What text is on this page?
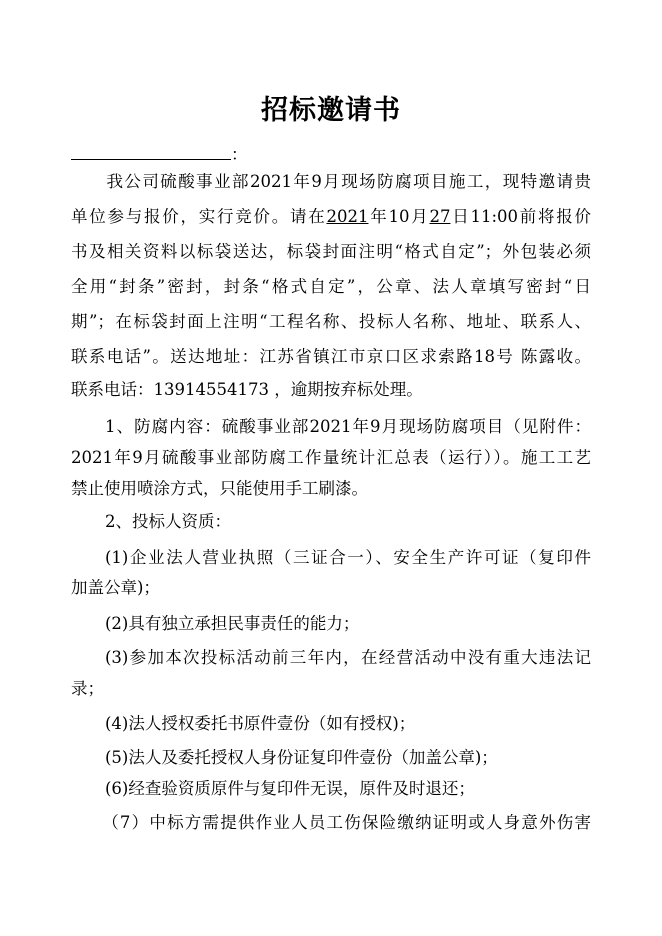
招标邀请书
：
我公司硫酸事业部2021年9月现场防腐项目施工，现特邀请贵
单位参与报价，实行竞价。请在2021年10月27日11:00前将报价
书及相关资料以标袋送达，标袋封面注明“格式自定”；外包装必须
全用“封条”密封，封条“格式自定”，公章、法人章填写密封“日
期”；在标袋封面上注明“工程名称、投标人名称、地址、联系人、
联系电话”。送达地址：江苏省镇江市京口区求索路18号 陈露收。
联系电话：13914554173 ，逾期按弃标处理。
1、防腐内容：硫酸事业部2021年9月现场防腐项目（见附件：
2021年9月硫酸事业部防腐工作量统计汇总表（运行））。施工工艺
禁止使用喷涂方式，只能使用手工刷漆。
2、投标人资质：
(1)企业法人营业执照（三证合一）、安全生产许可证（复印件
加盖公章)；
(2)具有独立承担民事责任的能力；
(3)参加本次投标活动前三年内，在经营活动中没有重大违法记
录；
(4)法人授权委托书原件壹份（如有授权)；
(5)法人及委托授权人身份证复印件壹份（加盖公章)；
(6)经查验资质原件与复印件无误，原件及时退还；
（7）中标方需提供作业人员工伤保险缴纳证明或人身意外伤害
